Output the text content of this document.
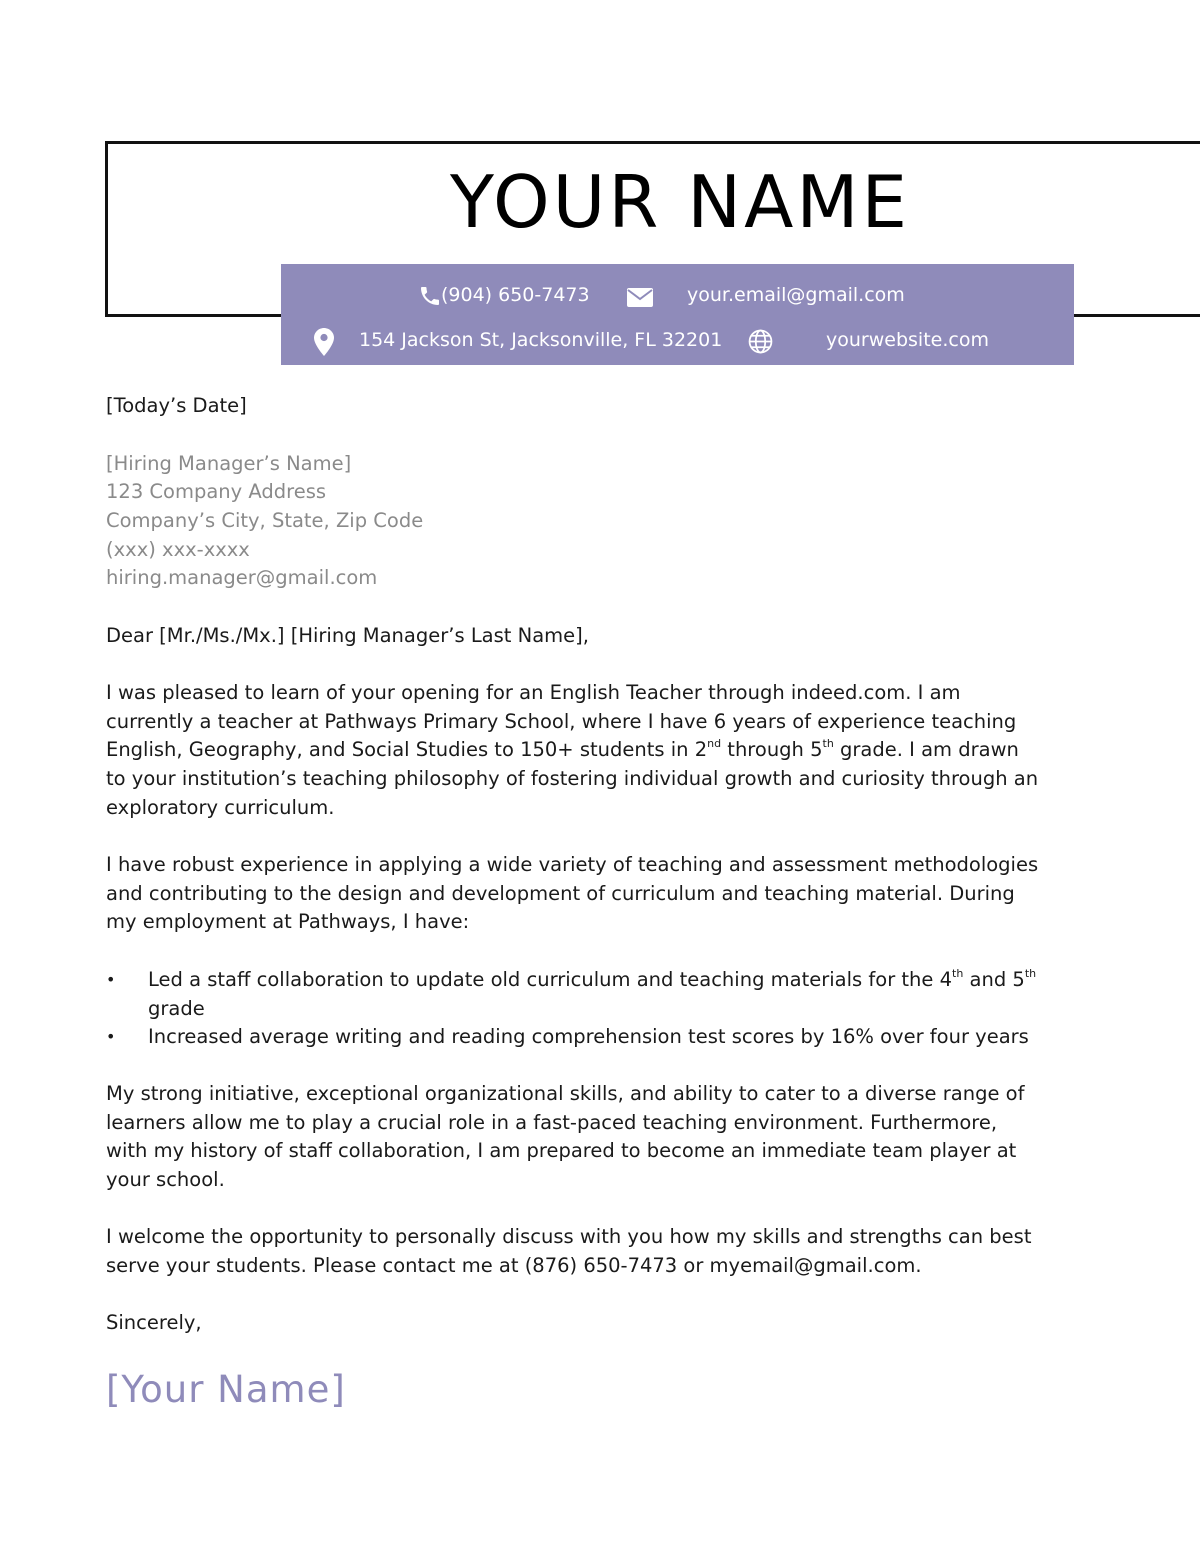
YOUR NAME
(904) 650-7473	your.email@gmail.com
154 Jackson St, Jacksonville, FL 32201	yourwebsite.com
[Today’s Date]
[Hiring Manager’s Name]
123 Company Address
Company’s City, State, Zip Code
(xxx) xxx-xxxx
hiring.manager@gmail.com
Dear [Mr./Ms./Mx.] [Hiring Manager’s Last Name],
I was pleased to learn of your opening for an English Teacher through indeed.com. I am
currently a teacher at Pathways Primary School, where I have 6 years of experience teaching
English, Geography, and Social Studies to 150+ students in 2nd through 5th grade. I am drawn
to your institution’s teaching philosophy of fostering individual growth and curiosity through an
exploratory curriculum.
I have robust experience in applying a wide variety of teaching and assessment methodologies
and contributing to the design and development of curriculum and teaching material. During
my employment at Pathways, I have:
• Led a staff collaboration to update old curriculum and teaching materials for the 4th and 5th
grade
• Increased average writing and reading comprehension test scores by 16% over four years
My strong initiative, exceptional organizational skills, and ability to cater to a diverse range of
learners allow me to play a crucial role in a fast-paced teaching environment. Furthermore,
with my history of staff collaboration, I am prepared to become an immediate team player at
your school.
I welcome the opportunity to personally discuss with you how my skills and strengths can best
serve your students. Please contact me at (876) 650-7473 or myemail@gmail.com.
Sincerely,
[Your Name]
